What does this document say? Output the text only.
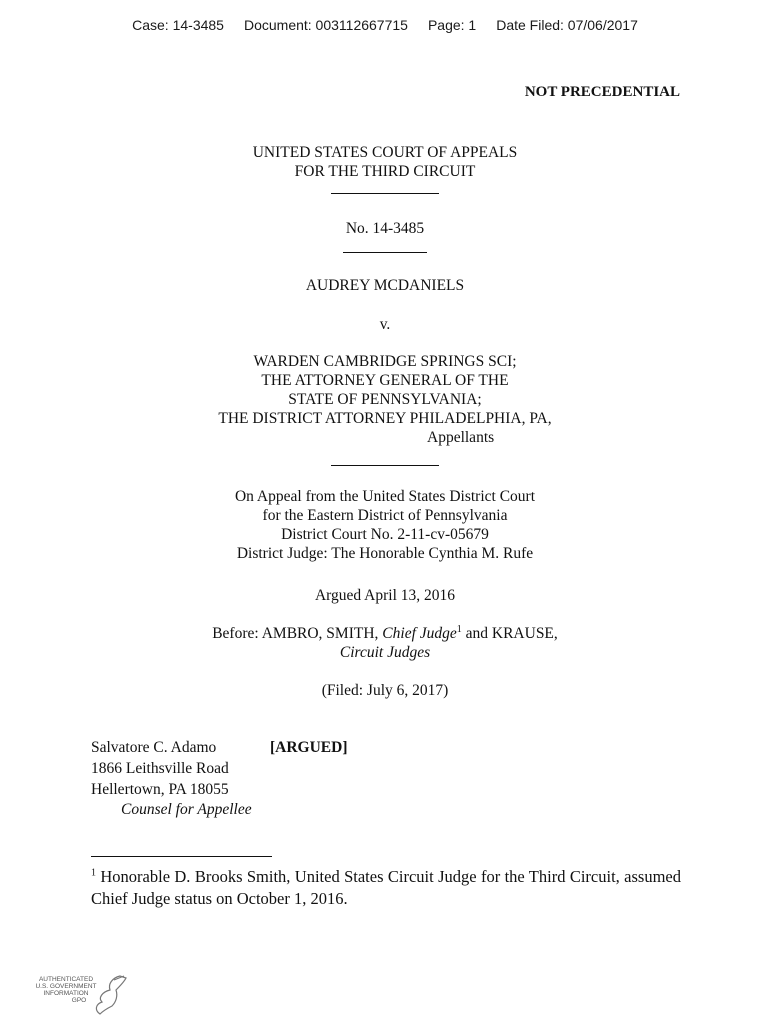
Case: 14-3485 Document: 003112667715 Page: 1 Date Filed: 07/06/2017
NOT PRECEDENTIAL
UNITED STATES COURT OF APPEALS
FOR THE THIRD CIRCUIT
No. 14-3485
AUDREY MCDANIELS
v.
WARDEN CAMBRIDGE SPRINGS SCI;
THE ATTORNEY GENERAL OF THE
STATE OF PENNSYLVANIA;
THE DISTRICT ATTORNEY PHILADELPHIA, PA,
Appellants
On Appeal from the United States District Court
for the Eastern District of Pennsylvania
District Court No. 2-11-cv-05679
District Judge: The Honorable Cynthia M. Rufe
Argued April 13, 2016
Before: AMBRO, SMITH, Chief Judge$^1$ and KRAUSE,
Circuit Judges
(Filed: July 6, 2017)
Salvatore C. Adamo	[ARGUED]
1866 Leithsville Road
Hellertown, PA 18055
Counsel for Appellee
$^1$ Honorable D. Brooks Smith, United States Circuit Judge for the Third Circuit, assumed Chief Judge status on October 1, 2016.
AUTHENTICATED
U.S. GOVERNMENT
INFORMATION
GPO
